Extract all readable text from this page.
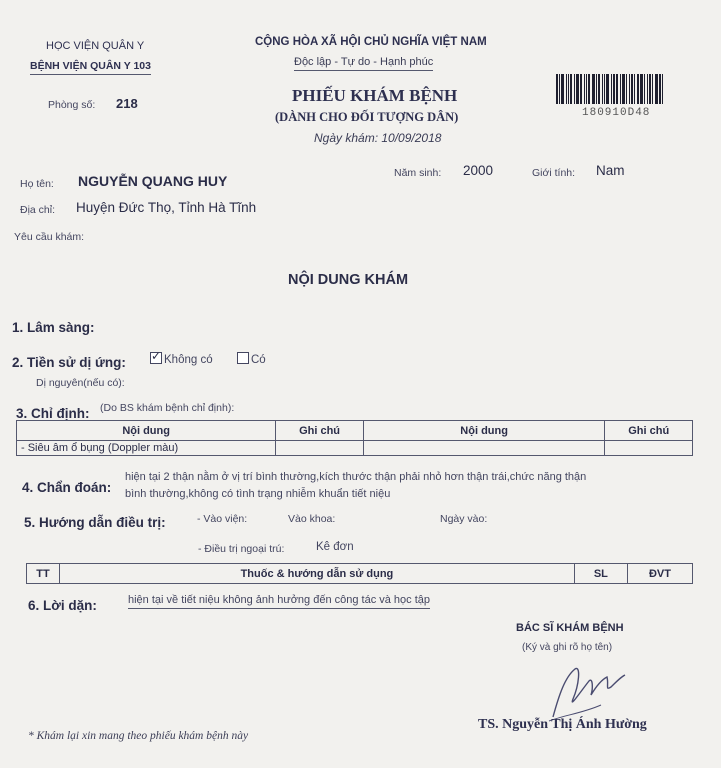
HỌC VIỆN QUÂN Y
BỆNH VIỆN QUÂN Y 103
Phòng số: 218
CỘNG HÒA XÃ HỘI CHỦ NGHĨA VIỆT NAM
Độc lập - Tự do - Hạnh phúc
PHIẾU KHÁM BỆNH
(DÀNH CHO ĐỐI TƯỢNG DÂN)
Ngày khám: 10/09/2018
180910D48
Họ tên: NGUYỄN QUANG HUY	Năm sinh: 2000	Giới tính: Nam
Địa chỉ: Huyện Đức Thọ, Tỉnh Hà Tĩnh
Yêu cầu khám:
NỘI DUNG KHÁM
1. Lâm sàng:
2. Tiền sử dị ứng: ✓	Không có	Có
Dị nguyên(nếu có):
3. Chỉ định: (Do BS khám bệnh chỉ định):
Nội dung	Ghi chú	Nội dung	Ghi chú
- Siêu âm ổ bụng (Doppler màu)			
4. Chẩn đoán:
hiện tại 2 thận nằm ở vị trí bình thường,kích thước thận phải nhỏ hơn thận trái,chức năng thận
bình thường,không có tình trạng nhiễm khuẩn tiết niệu
5. Hướng dẫn điều trị:	- Vào viện:	Vào khoa:	Ngày vào:
- Điều trị ngoại trú:	Kê đơn
TT	Thuốc & hướng dẫn sử dụng	SL	ĐVT
6. Lời dặn:	hiện tại về tiết niệu không ảnh hưởng đến công tác và học tập
BÁC SĨ KHÁM BỆNH
(Ký và ghi rõ họ tên)
TS. Nguyễn Thị Ánh Hường
* Khám lại xin mang theo phiếu khám bệnh này
